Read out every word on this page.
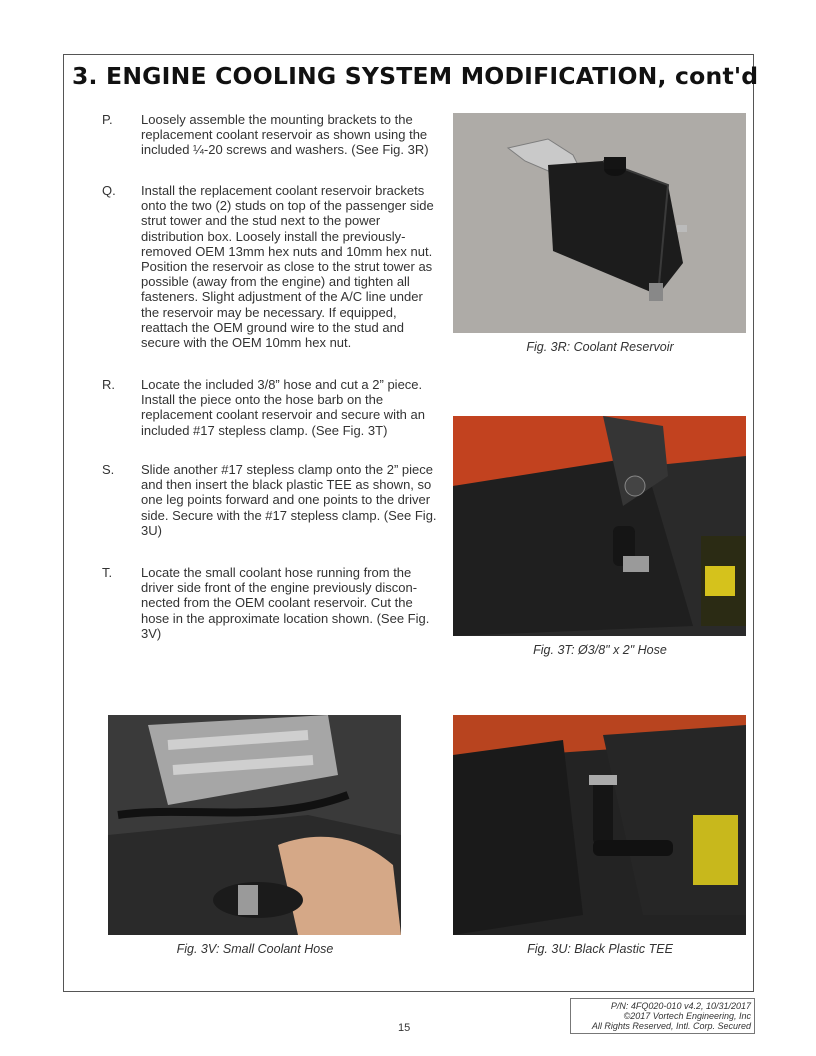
3. ENGINE COOLING SYSTEM MODIFICATION, cont'd
P. Loosely assemble the mounting brackets to the replacement coolant reservoir as shown using the included ¼-20 screws and washers. (See Fig. 3R)
Q. Install the replacement coolant reservoir brackets onto the two (2) studs on top of the passenger side strut tower and the stud next to the power distribution box. Loosely install the previously-removed OEM 13mm hex nuts and 10mm hex nut. Position the reservoir as close to the strut tower as possible (away from the engine) and tighten all fasteners. Slight adjustment of the A/C line under the reservoir may be necessary. If equipped, reattach the OEM ground wire to the stud and secure with the OEM 10mm hex nut.
R. Locate the included 3/8” hose and cut a 2” piece. Install the piece onto the hose barb on the replacement coolant reservoir and secure with an included #17 stepless clamp. (See Fig. 3T)
S. Slide another #17 stepless clamp onto the 2” piece and then insert the black plastic TEE as shown, so one leg points forward and one points to the driver side. Secure with the #17 stepless clamp. (See Fig. 3U)
T. Locate the small coolant hose running from the driver side front of the engine previously discon-nected from the OEM coolant reservoir. Cut the hose in the approximate location shown. (See Fig. 3V)
Fig. 3R: Coolant Reservoir
Fig. 3T: Ø3/8" x 2" Hose
Fig. 3V: Small Coolant Hose	Fig. 3U: Black Plastic TEE
P/N: 4FQ020-010 v4.2, 10/31/2017
©2017 Vortech Engineering, Inc
All Rights Reserved, Intl. Corp. Secured
15
